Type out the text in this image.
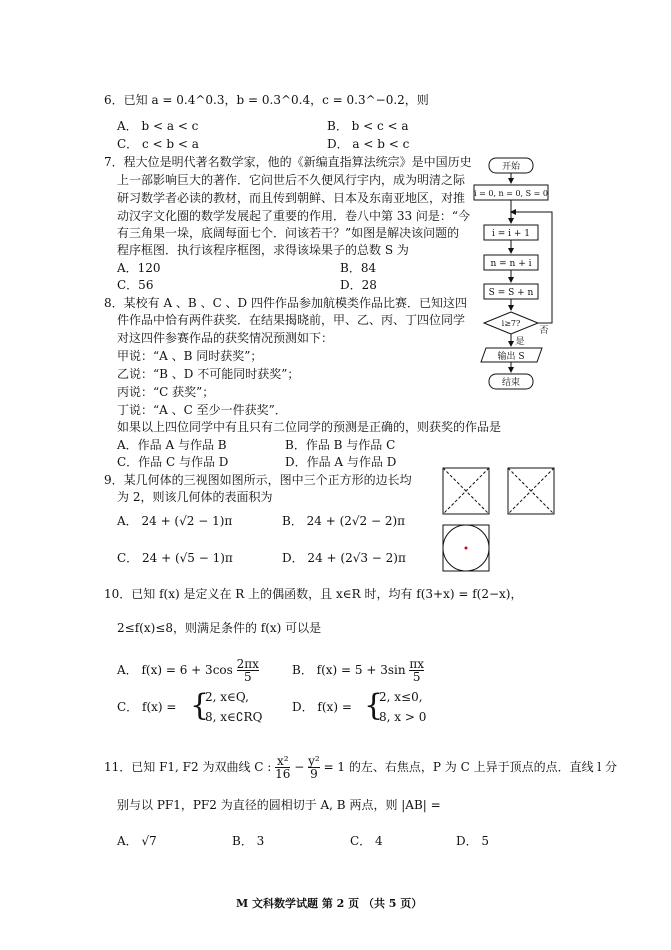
6．已知 a = 0.4^0.3，b = 0.3^0.4，c = 0.3^−0.2，则
A． b < a < c	B． b < c < a
C． c < b < a	D． a < b < c
7．程大位是明代著名数学家，他的《新编直指算法统宗》是中国历史
上一部影响巨大的著作．它问世后不久便风行宇内，成为明清之际
研习数学者必读的教材，而且传到朝鲜、日本及东南亚地区，对推
动汉字文化圈的数学发展起了重要的作用．卷八中第 33 问是：“今
有三角果一垛，底阔每面七个．问该若干？”如图是解决该问题的
程序框图．执行该程序框图，求得该垛果子的总数 S 为
A．120	B．84
C．56	D．28
开始
i = 0, n = 0, S = 0
i = i + 1
n = n + i
S = S + n
i≥7?
否
是
输出 S
结束
8．某校有 A 、B 、C 、D 四件作品参加航模类作品比赛．已知这四
件作品中恰有两件获奖．在结果揭晓前，甲、乙、丙、丁四位同学
对这四件参赛作品的获奖情况预测如下：
甲说：“A 、B 同时获奖”；
乙说：“B 、D 不可能同时获奖”；
丙说：“C 获奖”；
丁说：“A 、C 至少一件获奖”．
如果以上四位同学中有且只有二位同学的预测是正确的，则获奖的作品是
A．作品 A 与作品 B	B．作品 B 与作品 C
C．作品 C 与作品 D	D．作品 A 与作品 D
9．某几何体的三视图如图所示，图中三个正方形的边长均
为 2，则该几何体的表面积为
A． 24 + (√2 − 1)π	B． 24 + (2√2 − 2)π
C． 24 + (√5 − 1)π	D． 24 + (2√3 − 2)π
10．已知 f(x) 是定义在 R 上的偶函数，且 x∈R 时，均有 f(3+x) = f(2−x)，
2≤f(x)≤8，则满足条件的 f(x) 可以是
A． $f(x) = 6 + 3\cos \frac{2\pi x}{5}$	B． $f(x) = 5 + 3\sin \frac{\pi x}{5}$
C． f(x) = {
2, x∈Q,
8, x∈∁RQ
D． f(x) = {
2, x≤0,
8, x > 0
11．已知 F1, F2 为双曲线 C : $\frac{\text{x²}}{16} - \frac{\text{y²}}{9} = 1$ 的左、右焦点，P 为 C 上异于顶点的点．直线 l 分
别与以 PF1，PF2 为直径的圆相切于 A, B 两点，则 |AB| =
A． √7	B． 3	C． 4	D． 5
M 文科数学试题 第 2 页 （共 5 页）
